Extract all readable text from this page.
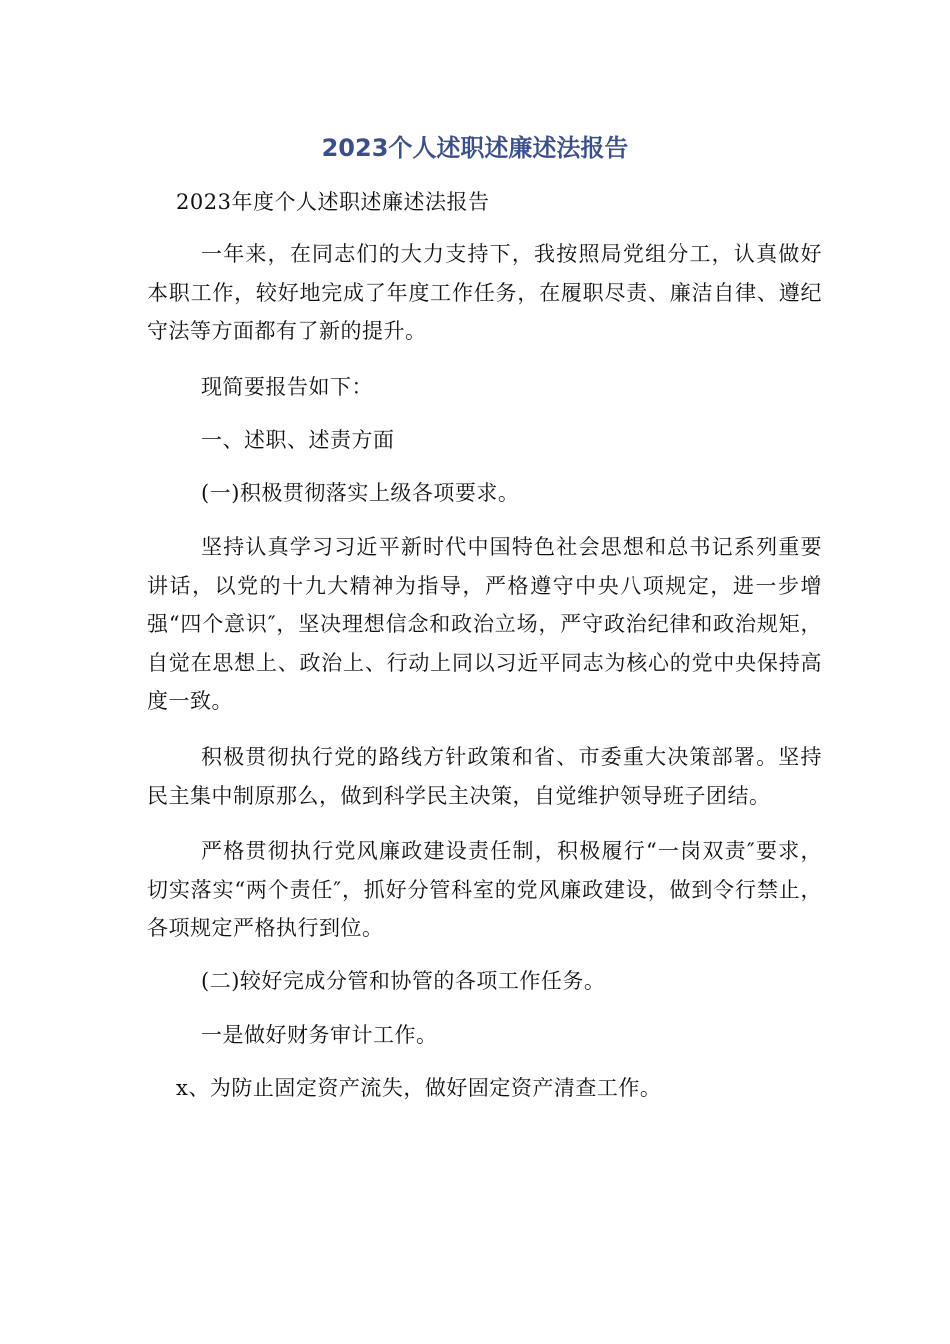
2023个人述职述廉述法报告
2023年度个人述职述廉述法报告
一年来，在同志们的大力支持下，我按照局党组分工，认真做好本职工作，较好地完成了年度工作任务，在履职尽责、廉洁自律、遵纪守法等方面都有了新的提升。
现简要报告如下：
一、述职、述责方面
(一)积极贯彻落实上级各项要求。
坚持认真学习习近平新时代中国特色社会思想和总书记系列重要讲话，以党的十九大精神为指导，严格遵守中央八项规定，进一步增强“四个意识″，坚决理想信念和政治立场，严守政治纪律和政治规矩，自觉在思想上、政治上、行动上同以习近平同志为核心的党中央保持高度一致。
积极贯彻执行党的路线方针政策和省、市委重大决策部署。坚持民主集中制原那么，做到科学民主决策，自觉维护领导班子团结。
严格贯彻执行党风廉政建设责任制，积极履行“一岗双责″要求，切实落实“两个责任″，抓好分管科室的党风廉政建设，做到令行禁止，各项规定严格执行到位。
(二)较好完成分管和协管的各项工作任务。
一是做好财务审计工作。
x、为防止固定资产流失，做好固定资产清查工作。
